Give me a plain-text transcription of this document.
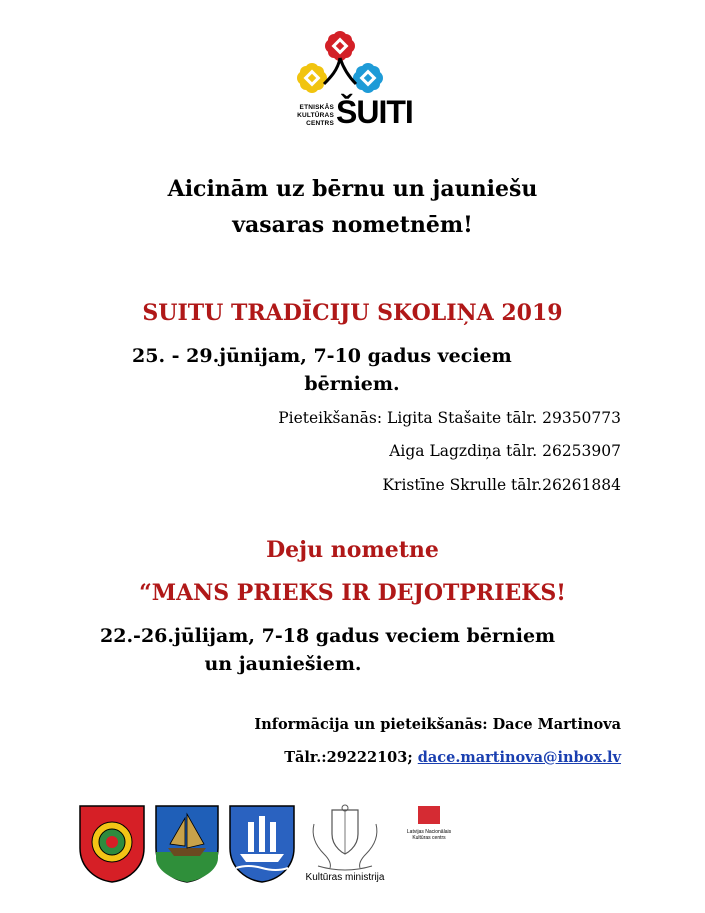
ETNISKĀS
KULTŪRAS
CENTRS ŠUITI
Aicinām uz bērnu un jauniešu
vasaras nometnēm!
SUITU TRADĪCIJU SKOLIŅA 2019
25. - 29.jūnijam, 7-10 gadus veciem
bērniem.
Pieteikšanās: Ligita Stašaite tālr. 29350773
Aiga Lagzdiņa tālr. 26253907
Kristīne Skrulle tālr.26261884
Deju nometne
“MANS PRIEKS IR DEJOTPRIEKS!
22.-26.jūlijam, 7-18 gadus veciem bērniem
un jauniešiem.
Informācija un pieteikšanās: Dace Martinova
Tālr.:29222103; dace.martinova@inbox.lv
Kultūras ministrija
Latvijas Nacionālais
Kultūras centrs
